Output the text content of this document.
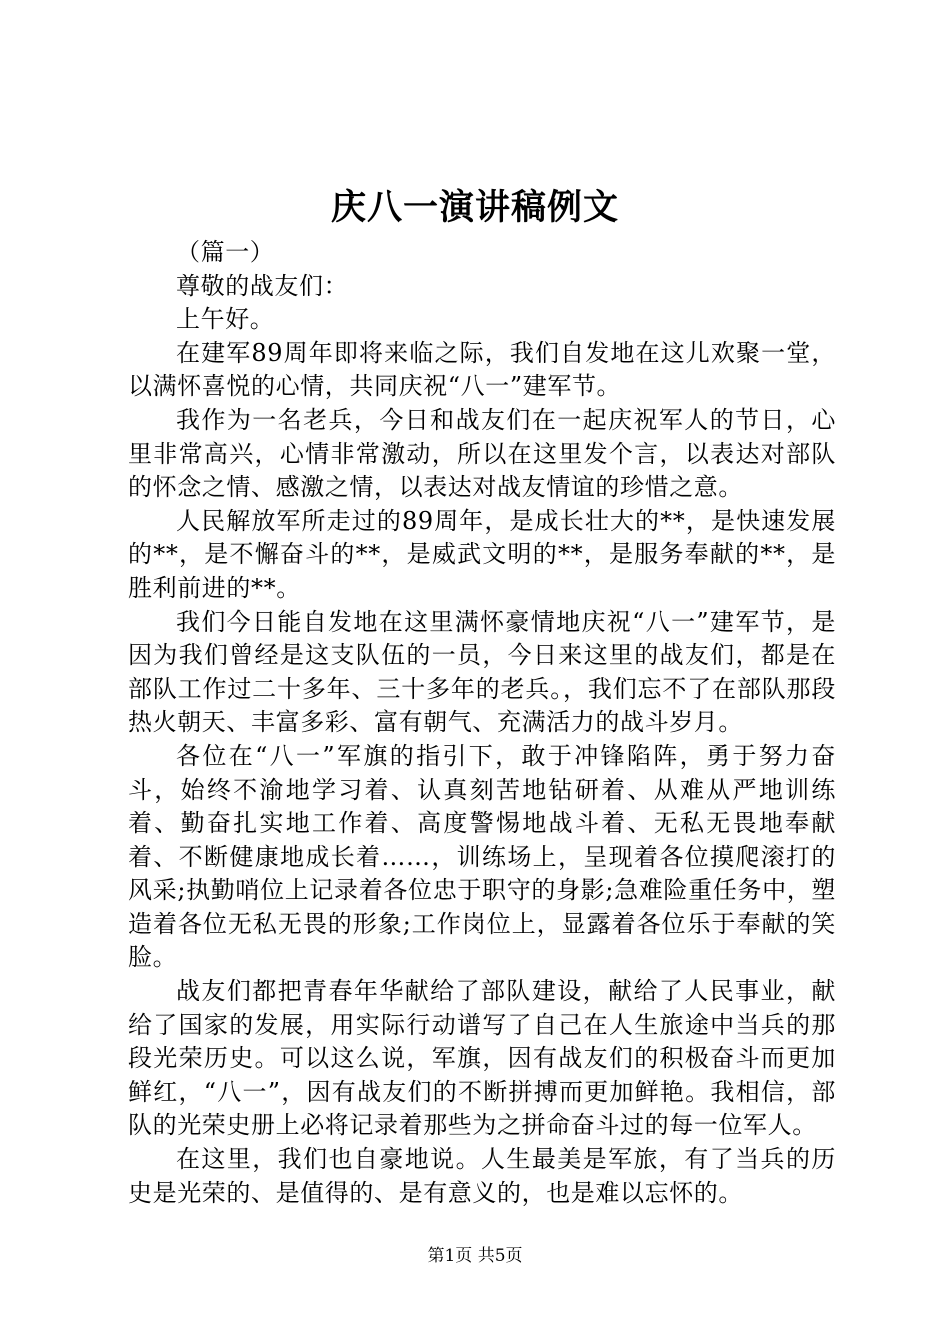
庆八一演讲稿例文

（篇一）

尊敬的战友们：

上午好。

在建军89周年即将来临之际，我们自发地在这儿欢聚一堂，以满怀喜悦的心情，共同庆祝“八一”建军节。

我作为一名老兵，今日和战友们在一起庆祝军人的节日，心里非常高兴，心情非常激动，所以在这里发个言，以表达对部队的怀念之情、感激之情，以表达对战友情谊的珍惜之意。

人民解放军所走过的89周年，是成长壮大的**，是快速发展的**，是不懈奋斗的**，是威武文明的**，是服务奉献的**，是胜利前进的**。

我们今日能自发地在这里满怀豪情地庆祝“八一”建军节，是因为我们曾经是这支队伍的一员，今日来这里的战友们，都是在部队工作过二十多年、三十多年的老兵。，我们忘不了在部队那段热火朝天、丰富多彩、富有朝气、充满活力的战斗岁月。

各位在“八一”军旗的指引下，敢于冲锋陷阵，勇于努力奋斗，始终不渝地学习着、认真刻苦地钻研着、从难从严地训练着、勤奋扎实地工作着、高度警惕地战斗着、无私无畏地奉献着、不断健康地成长着……，训练场上，呈现着各位摸爬滚打的风采;执勤哨位上记录着各位忠于职守的身影;急难险重任务中，塑造着各位无私无畏的形象;工作岗位上，显露着各位乐于奉献的笑脸。

战友们都把青春年华献给了部队建设，献给了人民事业，献给了国家的发展，用实际行动谱写了自己在人生旅途中当兵的那段光荣历史。可以这么说，军旗，因有战友们的积极奋斗而更加鲜红，“八一”，因有战友们的不断拼搏而更加鲜艳。我相信，部队的光荣史册上必将记录着那些为之拼命奋斗过的每一位军人。

在这里，我们也自豪地说。人生最美是军旅，有了当兵的历史是光荣的、是值得的、是有意义的，也是难以忘怀的。

第1页 共5页
